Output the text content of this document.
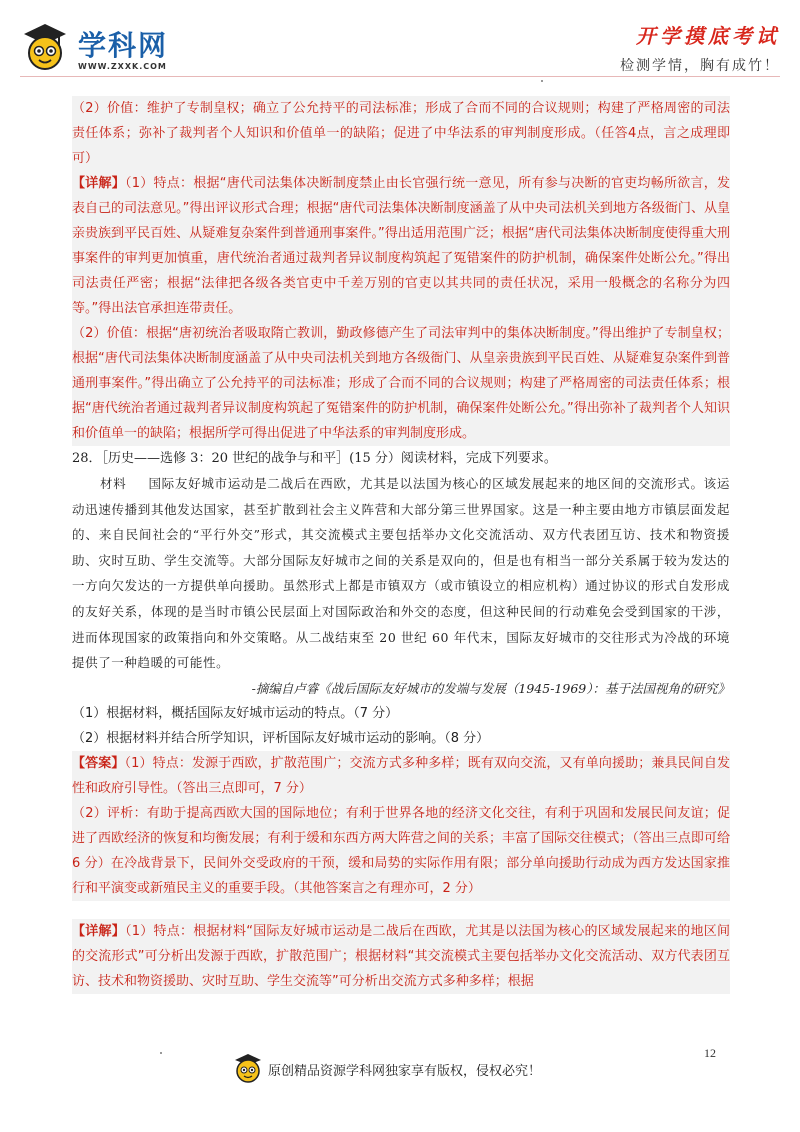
学科网
WWW.ZXXK.COM
开学摸底考试
检测学情，胸有成竹！

（2）价值：维护了专制皇权；确立了公允持平的司法标准；形成了合而不同的合议规则；构建了严格周密的司法责任体系；弥补了裁判者个人知识和价值单一的缺陷；促进了中华法系的审判制度形成。（任答4点，言之成理即可）

【详解】（1）特点：根据“唐代司法集体决断制度禁止由长官强行统一意见，所有参与决断的官吏均畅所欲言，发表自己的司法意见。”得出评议形式合理；根据“唐代司法集体决断制度涵盖了从中央司法机关到地方各级衙门、从皇亲贵族到平民百姓、从疑难复杂案件到普通刑事案件。”得出适用范围广泛；根据“唐代司法集体决断制度使得重大刑事案件的审判更加慎重，唐代统治者通过裁判者异议制度构筑起了冤错案件的防护机制，确保案件处断公允。”得出司法责任严密；根据“法律把各级各类官吏中千差万别的官吏以其共同的责任状况，采用一般概念的名称分为四等。”得出法官承担连带责任。

（2）价值：根据“唐初统治者吸取隋亡教训，勤政修德产生了司法审判中的集体决断制度。”得出维护了专制皇权；根据“唐代司法集体决断制度涵盖了从中央司法机关到地方各级衙门、从皇亲贵族到平民百姓、从疑难复杂案件到普通刑事案件。”得出确立了公允持平的司法标准；形成了合而不同的合议规则；构建了严格周密的司法责任体系；根据“唐代统治者通过裁判者异议制度构筑起了冤错案件的防护机制，确保案件处断公允。”得出弥补了裁判者个人知识和价值单一的缺陷；根据所学可得出促进了中华法系的审判制度形成。

28．［历史——选修 3：20 世纪的战争与和平］(15 分）阅读材料，完成下列要求。

材料 国际友好城市运动是二战后在西欧，尤其是以法国为核心的区域发展起来的地区间的交流形式。该运动迅速传播到其他发达国家，甚至扩散到社会主义阵营和大部分第三世界国家。这是一种主要由地方市镇层面发起的、来自民间社会的“平行外交”形式，其交流模式主要包括举办文化交流活动、双方代表团互访、技术和物资援助、灾时互助、学生交流等。大部分国际友好城市之间的关系是双向的，但是也有相当一部分关系属于较为发达的一方向欠发达的一方提供单向援助。虽然形式上都是市镇双方（或市镇设立的相应机构）通过协议的形式自发形成的友好关系，体现的是当时市镇公民层面上对国际政治和外交的态度，但这种民间的行动难免会受到国家的干涉，进而体现国家的政策指向和外交策略。从二战结束至 20 世纪 60 年代末，国际友好城市的交往形式为冷战的环境提供了一种趋暖的可能性。

-摘编自卢睿《战后国际友好城市的发端与发展（1945-1969）：基于法国视角的研究》

（1）根据材料，概括国际友好城市运动的特点。（7 分）

（2）根据材料并结合所学知识，评析国际友好城市运动的影响。（8 分）

【答案】（1）特点：发源于西欧，扩散范围广；交流方式多种多样；既有双向交流，又有单向援助；兼具民间自发性和政府引导性。（答出三点即可，7 分）

（2）评析：有助于提高西欧大国的国际地位；有利于世界各地的经济文化交往，有利于巩固和发展民间友谊；促进了西欧经济的恢复和均衡发展；有利于缓和东西方两大阵营之间的关系；丰富了国际交往模式；（答出三点即可给 6 分）在冷战背景下，民间外交受政府的干预，缓和局势的实际作用有限；部分单向援助行动成为西方发达国家推行和平演变或新殖民主义的重要手段。（其他答案言之有理亦可，2 分）

【详解】（1）特点：根据材料“国际友好城市运动是二战后在西欧，尤其是以法国为核心的区域发展起来的地区间的交流形式”可分析出发源于西欧，扩散范围广；根据材料“其交流模式主要包括举办文化交流活动、双方代表团互访、技术和物资援助、灾时互助、学生交流等”可分析出交流方式多种多样；根据

原创精品资源学科网独家享有版权，侵权必究！
12
